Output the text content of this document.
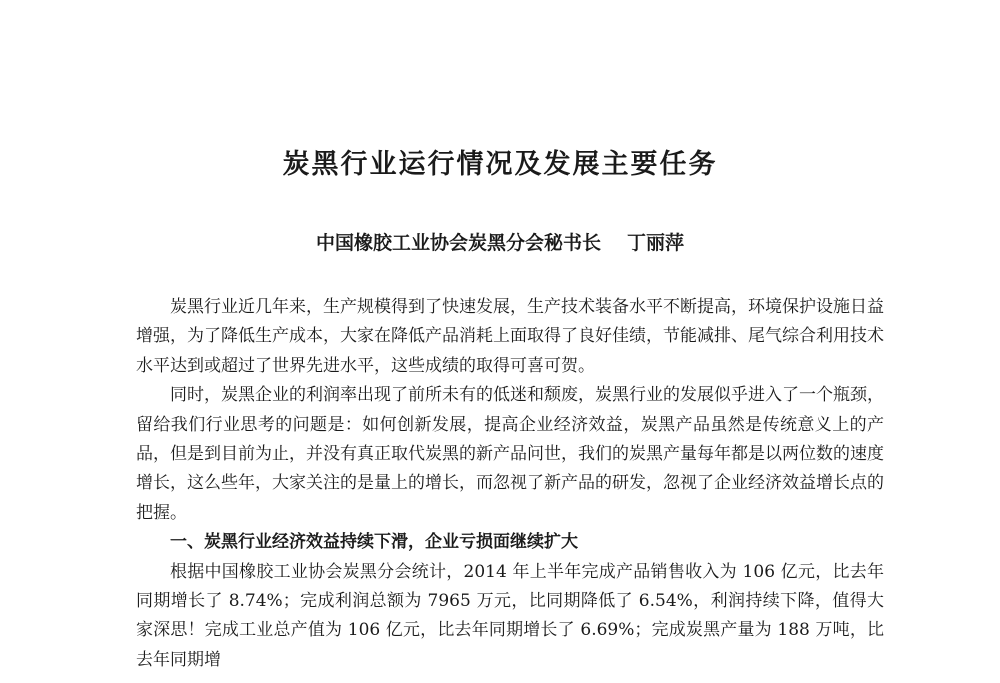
炭黑行业运行情况及发展主要任务
中国橡胶工业协会炭黑分会秘书长 丁丽萍

炭黑行业近几年来，生产规模得到了快速发展，生产技术装备水平不断提高，环境保护设施日益增强，为了降低生产成本，大家在降低产品消耗上面取得了良好佳绩，节能减排、尾气综合利用技术水平达到或超过了世界先进水平，这些成绩的取得可喜可贺。

同时，炭黑企业的利润率出现了前所未有的低迷和颓废，炭黑行业的发展似乎进入了一个瓶颈，留给我们行业思考的问题是：如何创新发展，提高企业经济效益，炭黑产品虽然是传统意义上的产品，但是到目前为止，并没有真正取代炭黑的新产品问世，我们的炭黑产量每年都是以两位数的速度增长，这么些年，大家关注的是量上的增长，而忽视了新产品的研发，忽视了企业经济效益增长点的把握。

一、炭黑行业经济效益持续下滑，企业亏损面继续扩大

根据中国橡胶工业协会炭黑分会统计，2014 年上半年完成产品销售收入为 106 亿元，比去年同期增长了 8.74%；完成利润总额为 7965 万元，比同期降低了 6.54%，利润持续下降，值得大家深思！完成工业总产值为 106 亿元，比去年同期增长了 6.69%；完成炭黑产量为 188 万吨，比去年同期增
